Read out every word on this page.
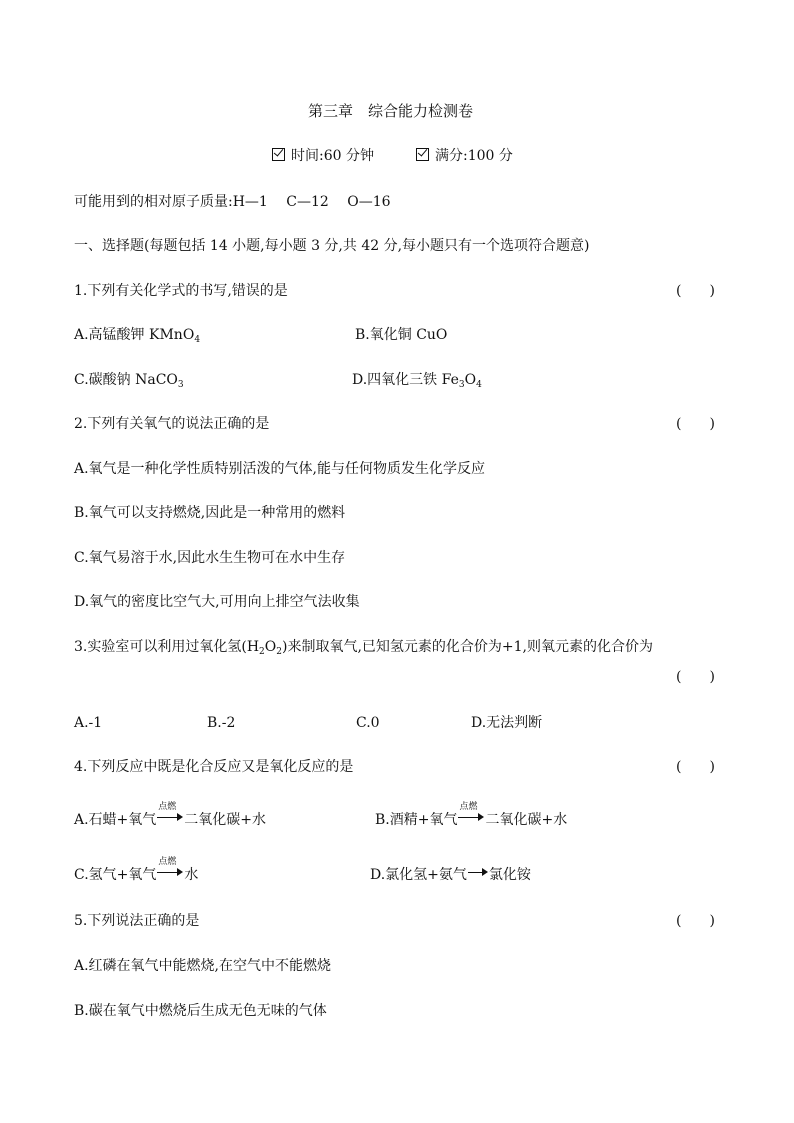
第三章　综合能力检测卷
时间:60 分钟	满分:100 分
可能用到的相对原子质量:H—1　 C—12　 O—16
一、选择题(每题包括 14 小题,每小题 3 分,共 42 分,每小题只有一个选项符合题意)
1.下列有关化学式的书写,错误的是	(　　)
A.高锰酸钾 KMnO$_4$	B.氧化铜 CuO
C.碳酸钠 NaCO$_3$	D.四氧化三铁 $Fe_3O_4$
2.下列有关氧气的说法正确的是	(　　)
A.氧气是一种化学性质特别活泼的气体,能与任何物质发生化学反应
B.氧气可以支持燃烧,因此是一种常用的燃料
C.氧气易溶于水,因此水生生物可在水中生存
D.氧气的密度比空气大,可用向上排空气法收集
3.实验室可以利用过氧化氢$(H_2O_2)$来制取氧气,已知氢元素的化合价为+1,则氧元素的化合价为
(　　)
A.-1	B.-2	C.0	D.无法判断
4.下列反应中既是化合反应又是氧化反应的是	(　　)
A.石蜡+氧气
点燃
二氧化碳+水	B.酒精+氧气
点燃
二氧化碳+水
C.氢气+氧气
点燃
水	D.氯化氢+氨气 氯化铵
5.下列说法正确的是	(　　)
A.红磷在氧气中能燃烧,在空气中不能燃烧
B.碳在氧气中燃烧后生成无色无味的气体
